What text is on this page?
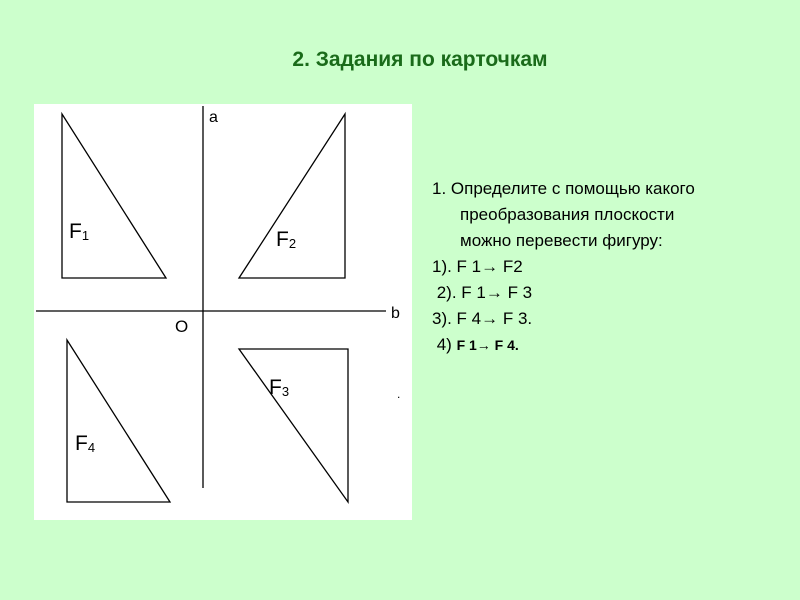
2. Задания по карточкам
a
b
O
F1	F2
F3
F4
.
1. Определите с помощью какого
преобразования плоскости
можно перевести фигуру:
1). F 1→ F2
2). F 1→ F 3
3). F 4→ F 3.
4) F 1→ F 4.
